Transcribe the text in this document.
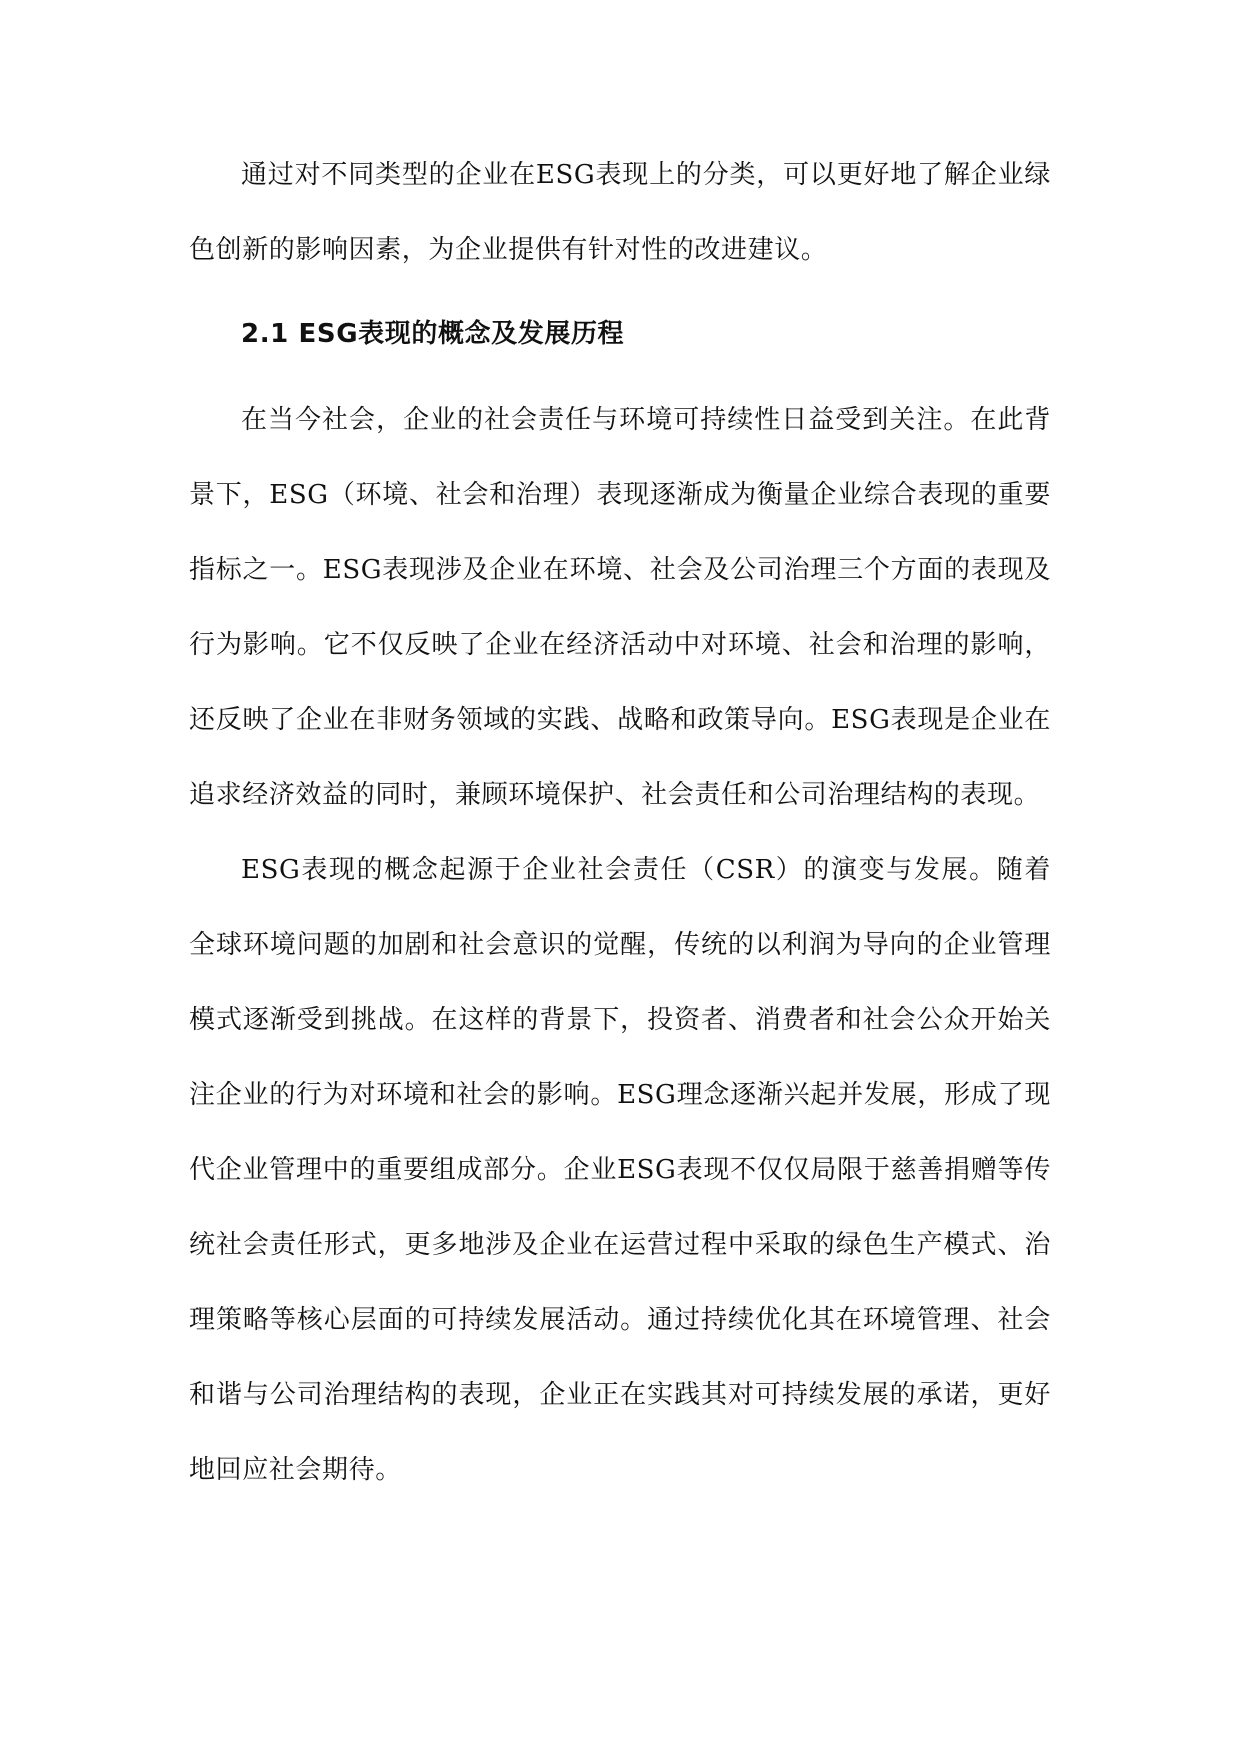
通过对不同类型的企业在ESG表现上的分类，可以更好地了解企业绿色创新的影响因素，为企业提供有针对性的改进建议。

2.1 ESG表现的概念及发展历程

在当今社会，企业的社会责任与环境可持续性日益受到关注。在此背景下，ESG（环境、社会和治理）表现逐渐成为衡量企业综合表现的重要指标之一。ESG表现涉及企业在环境、社会及公司治理三个方面的表现及行为影响。它不仅反映了企业在经济活动中对环境、社会和治理的影响，还反映了企业在非财务领域的实践、战略和政策导向。ESG表现是企业在追求经济效益的同时，兼顾环境保护、社会责任和公司治理结构的表现。

ESG表现的概念起源于企业社会责任（CSR）的演变与发展。随着全球环境问题的加剧和社会意识的觉醒，传统的以利润为导向的企业管理模式逐渐受到挑战。在这样的背景下，投资者、消费者和社会公众开始关注企业的行为对环境和社会的影响。ESG理念逐渐兴起并发展，形成了现代企业管理中的重要组成部分。企业ESG表现不仅仅局限于慈善捐赠等传统社会责任形式，更多地涉及企业在运营过程中采取的绿色生产模式、治理策略等核心层面的可持续发展活动。通过持续优化其在环境管理、社会和谐与公司治理结构的表现，企业正在实践其对可持续发展的承诺，更好地回应社会期待。
